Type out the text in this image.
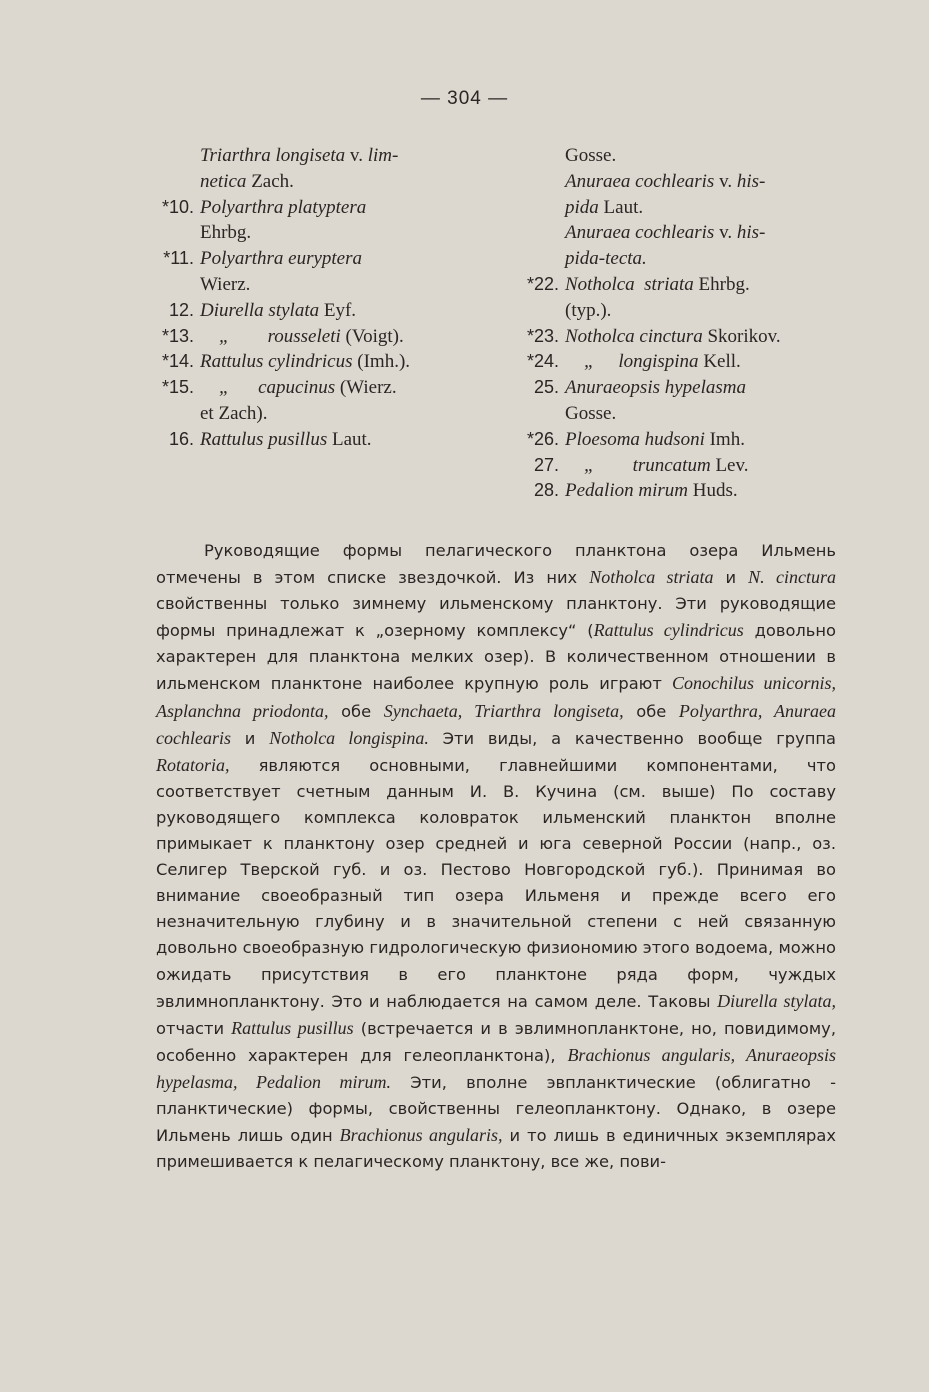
— 304 —
Triarthra longiseta v. lim-
netica Zach.
*10. Polyarthra platyptera
Ehrbg.
*11. Polyarthra euryptera
Wierz.
12. Diurella stylata Eyf.
*13. „        rousseleti (Voigt).
*14. Rattulus cylindricus (Imh.).
*15. „      capucinus (Wierz.
et Zach).
16. Rattulus pusillus Laut.
Gosse.
Anuraea cochlearis v. his-
pida Laut.
Anuraea cochlearis v. his-
pida-tecta.
*22. Notholca  striata Ehrbg.
(typ.).
*23. Notholca cinctura Skorikov.
*24. „     longispina Kell.
25. Anuraeopsis hypelasma
Gosse.
*26. Ploesoma hudsoni Imh.
27. „        truncatum Lev.
28. Pedalion mirum Huds.

Руководящие формы пелагического планктона озера Ильмень отмечены в этом списке звездочкой. Из них Notholca striata и N. cinctura свойственны только зимнему ильменскому планктону. Эти руководящие формы принадлежат к „озерному комплексу“ (Rattulus cylindricus довольно характерен для планктона мелких озер). В количественном отношении в ильменском планктоне наиболее крупную роль играют Conochilus unicornis, Asplanchna priodonta, обе Synchaeta, Triarthra longiseta, обе Polyarthra, Anuraea cochlearis и Notholca longispina. Эти виды, а качественно вообще группа Rotatoria, являются основными, главнейшими компонентами, что соответствует счетным данным И. В. Кучина (см. выше) По составу руководящего комплекса коловраток ильменский планктон вполне примыкает к планктону озер средней и юга северной России (напр., оз. Селигер Тверской губ. и оз. Пестово Новгородской губ.). Принимая во внимание своеобразный тип озера Ильменя и прежде всего его незначительную глубину и в значительной степени с ней связанную довольно своеобразную гидрологическую физиономию этого водоема, можно ожидать присутствия в его планктоне ряда форм, чуждых эвлимнопланктону. Это и наблюдается на самом деле. Таковы Diurella stylata, отчасти Rattulus pusillus (встречается и в эвлимнопланктоне, но, повидимому, особенно характерен для гелеопланктона), Brachionus angularis, Anuraeopsis hypelasma, Pedalion mirum. Эти, вполне эвпланктические (облигатно - планктические) формы, свойственны гелеопланктону. Однако, в озере Ильмень лишь один Brachionus angularis, и то лишь в единичных экземплярах примешивается к пелагическому планктону, все же, пови-
